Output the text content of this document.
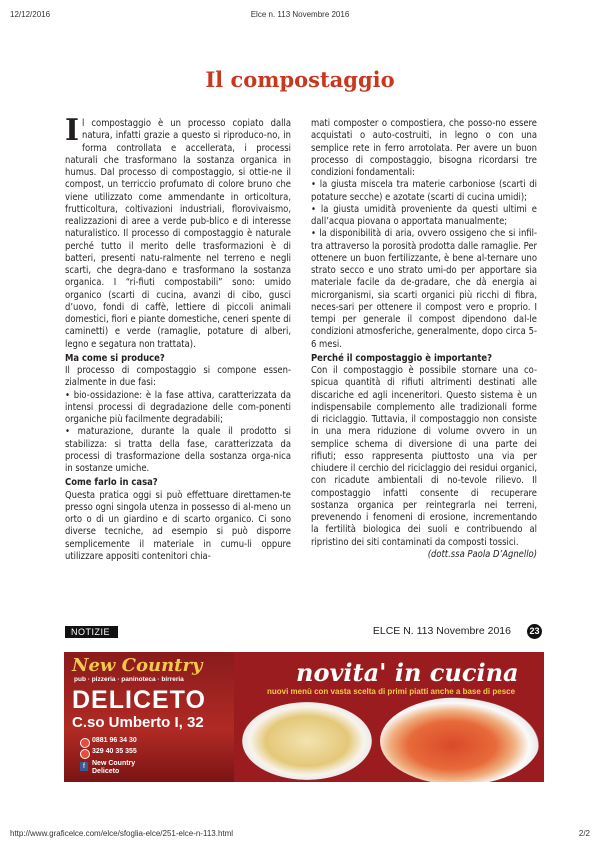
12/12/2016	Elce n. 113 Novembre 2016
Il compostaggio

Il compostaggio è un processo copiato dalla natura, infatti grazie a questo si riproduco-no, in forma controllata e accellerata, i processi naturali che trasformano la sostanza organica in humus. Dal processo di compostaggio, si ottie-ne il compost, un terriccio profumato di colore bruno che viene utilizzato come ammendante in orticoltura, frutticoltura, coltivazioni industriali, florovivaismo, realizzazioni di aree a verde pub-blico e di interesse naturalistico. Il processo di compostaggio è naturale perché tutto il merito delle trasformazioni è di batteri, presenti natu-ralmente nel terreno e negli scarti, che degra-dano e trasformano la sostanza organica. I “ri-fiuti compostabili” sono: umido organico (scarti di cucina, avanzi di cibo, gusci d’uovo, fondi di caffè, lettiere di piccoli animali domestici, fiori e piante domestiche, ceneri spente di caminetti) e verde (ramaglie, potature di alberi, legno e segatura non trattata).

Ma come si produce?

Il processo di compostaggio si compone essen-zialmente in due fasi:

• bio-ossidazione: è la fase attiva, caratterizzata da intensi processi di degradazione delle com-ponenti organiche più facilmente degradabili;

• maturazione, durante la quale il prodotto si stabilizza: si tratta della fase, caratterizzata da processi di trasformazione della sostanza orga-nica in sostanze umiche.

Come farlo in casa?

Questa pratica oggi si può effettuare direttamen-te presso ogni singola utenza in possesso di al-meno un orto o di un giardino e di scarto organico. Ci sono diverse tecniche, ad esempio si può disporre semplicemente il materiale in cumu-li oppure utilizzare appositi contenitori chia-

mati composter o compostiera, che posso-no essere acquistati o auto-costruiti, in legno o con una semplice rete in ferro arrotolata. Per avere un buon processo di compostaggio, bisogna ricordarsi tre condizioni fondamentali:

• la giusta miscela tra materie carboniose (scarti di potature secche) e azotate (scarti di cucina umidi);

• la giusta umidità proveniente da questi ultimi e dall’acqua piovana o apportata manualmente;

• la disponibilità di aria, ovvero ossigeno che si infil-tra attraverso la porosità prodotta dalle ramaglie. Per ottenere un buon fertilizzante, è bene al-ternare uno strato secco e uno strato umi-do per apportare sia materiale facile da de-gradare, che dà energia ai microrganismi, sia scarti organici più ricchi di fibra, neces-sari per ottenere il compost vero e proprio. I tempi per generale il compost dipendono dal-le condizioni atmosferiche, generalmente, dopo circa 5-6 mesi.

Perché il compostaggio è importante?

Con il compostaggio è possibile stornare una co-spicua quantità di rifiuti altrimenti destinati alle discariche ed agli inceneritori. Questo sistema è un indispensabile complemento alle tradizionali forme di riciclaggio. Tuttavia, il compostaggio non consiste in una mera riduzione di volume ovvero in un semplice schema di diversione di una parte dei rifiuti; esso rappresenta piuttosto una via per chiudere il cerchio del riciclaggio dei residui organici, con ricadute ambientali di no-tevole rilievo. Il compostaggio infatti consente di recuperare sostanza organica per reintegrarla nei terreni, prevenendo i fenomeni di erosione, incrementando la fertilità biologica dei suoli e contribuendo al ripristino dei siti contaminati da composti tossici.

(dott.ssa Paola D’Agnello)

NOTIZIE	ELCE N. 113 Novembre 2016 23
New Country
pub · pizzeria · paninoteca · birreria
DELICETO
C.so Umberto I, 32
0881 96 34 30
329 40 35 355
f	New Country
Deliceto
novita' in cucina
nuovi menù con vasta scelta di primi piatti anche a base di pesce
http://www.graficelce.com/elce/sfoglia-elce/251-elce-n-113.html	2/2
